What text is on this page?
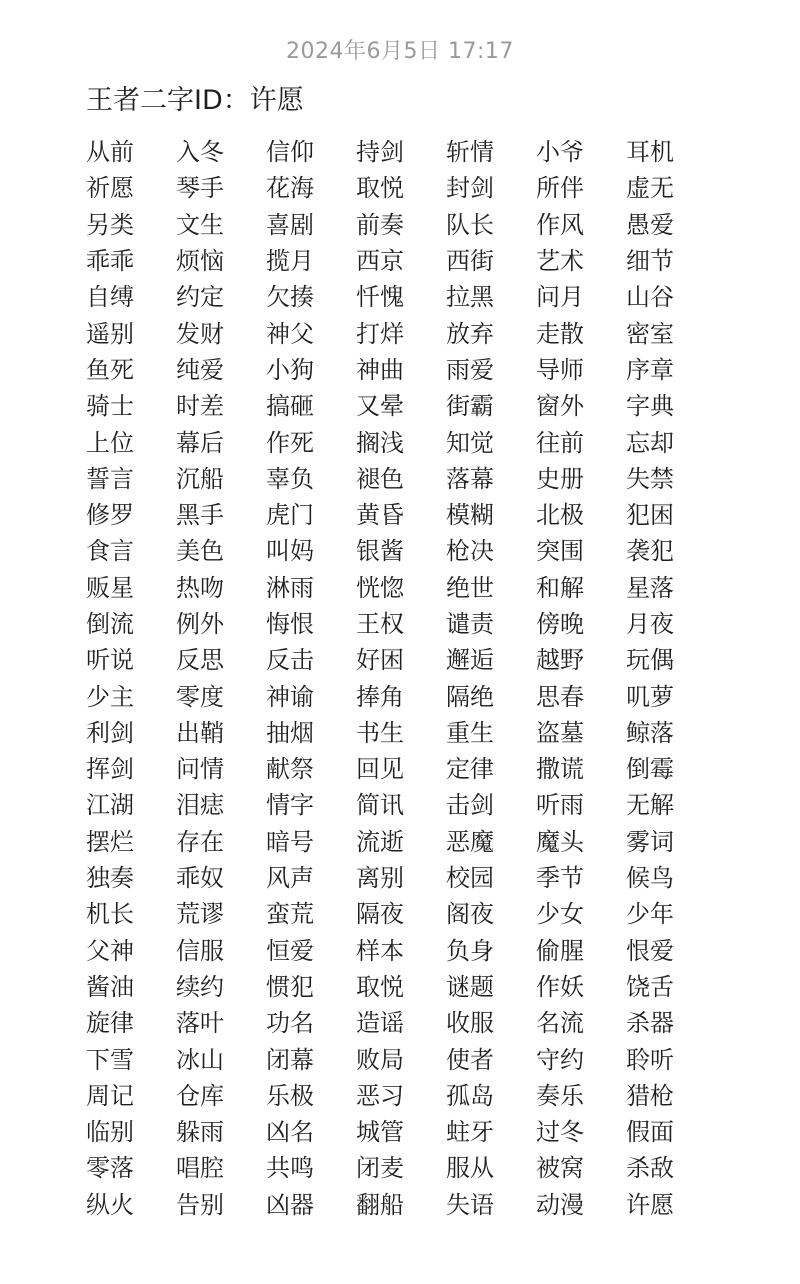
2024年6月5日 17:17
王者二字ID：许愿
从前	入冬	信仰	持剑	斩情	小爷	耳机
祈愿	琴手	花海	取悦	封剑	所伴	虚无
另类	文生	喜剧	前奏	队长	作风	愚爱
乖乖	烦恼	揽月	西京	西街	艺术	细节
自缚	约定	欠揍	忏愧	拉黑	问月	山谷
遥别	发财	神父	打烊	放弃	走散	密室
鱼死	纯爱	小狗	神曲	雨爱	导师	序章
骑士	时差	搞砸	又晕	街霸	窗外	字典
上位	幕后	作死	搁浅	知觉	往前	忘却
誓言	沉船	辜负	褪色	落幕	史册	失禁
修罗	黑手	虎门	黄昏	模糊	北极	犯困
食言	美色	叫妈	银酱	枪决	突围	袭犯
贩星	热吻	淋雨	恍惚	绝世	和解	星落
倒流	例外	悔恨	王权	谴责	傍晚	月夜
听说	反思	反击	好困	邂逅	越野	玩偶
少主	零度	神谕	捧角	隔绝	思春	叽萝
利剑	出鞘	抽烟	书生	重生	盗墓	鲸落
挥剑	问情	献祭	回见	定律	撒谎	倒霉
江湖	泪痣	情字	简讯	击剑	听雨	无解
摆烂	存在	暗号	流逝	恶魔	魔头	雾词
独奏	乖奴	风声	离别	校园	季节	候鸟
机长	荒谬	蛮荒	隔夜	阁夜	少女	少年
父神	信服	恒爱	样本	负身	偷腥	恨爱
酱油	续约	惯犯	取悦	谜题	作妖	饶舌
旋律	落叶	功名	造谣	收服	名流	杀器
下雪	冰山	闭幕	败局	使者	守约	聆听
周记	仓库	乐极	恶习	孤岛	奏乐	猎枪
临别	躲雨	凶名	城管	蛀牙	过冬	假面
零落	唱腔	共鸣	闭麦	服从	被窝	杀敌
纵火	告别	凶器	翻船	失语	动漫	许愿
